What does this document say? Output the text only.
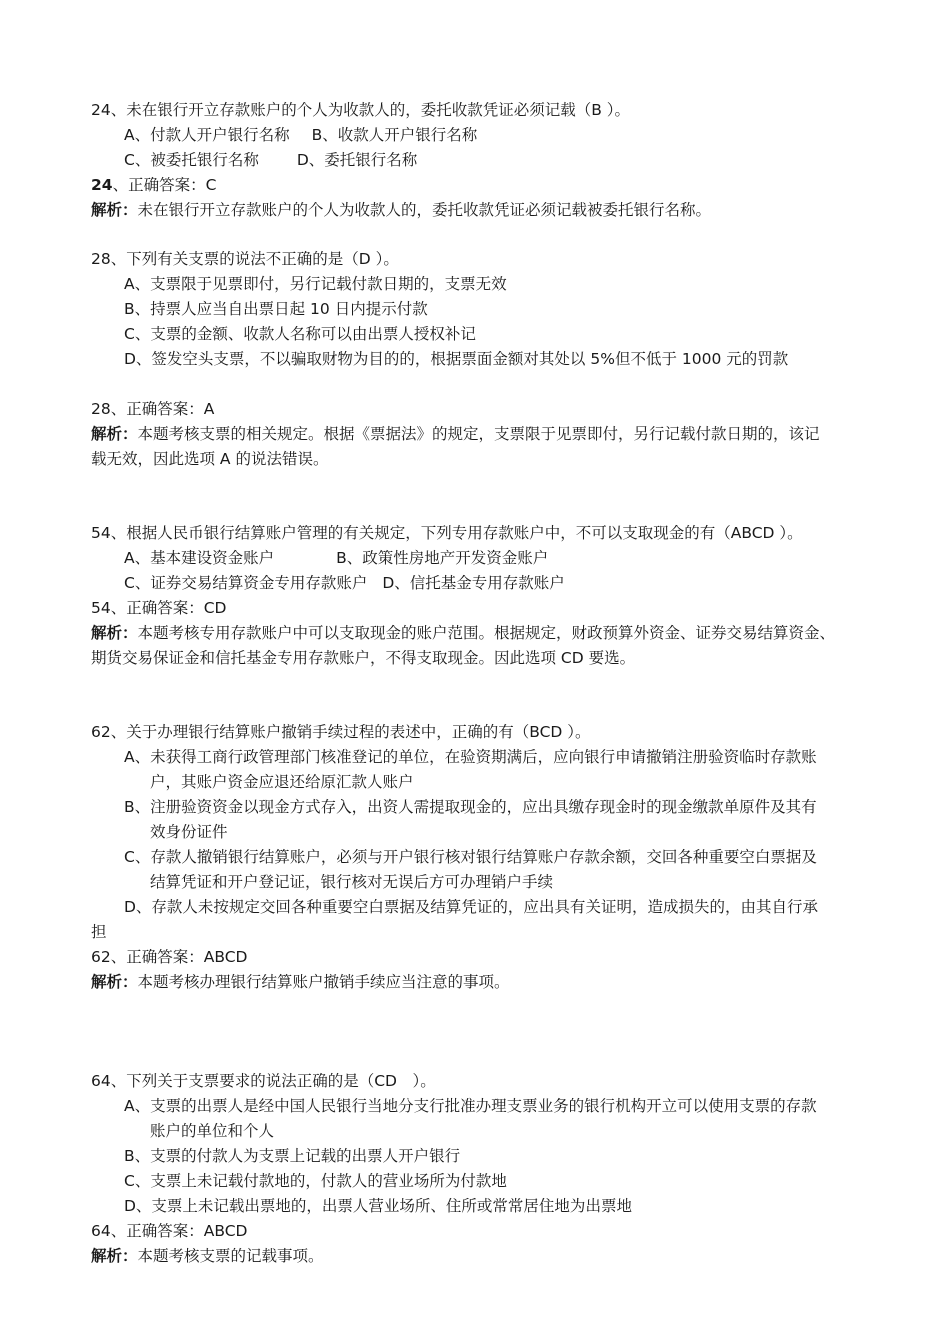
24、未在银行开立存款账户的个人为收款人的，委托收款凭证必须记载（B ）。
A、付款人开户银行名称 B、收款人开户银行名称
C、被委托银行名称 D、委托银行名称
24、正确答案：C
解析：未在银行开立存款账户的个人为收款人的，委托收款凭证必须记载被委托银行名称。
28、下列有关支票的说法不正确的是（D ）。
A、支票限于见票即付，另行记载付款日期的，支票无效
B、持票人应当自出票日起 10 日内提示付款
C、支票的金额、收款人名称可以由出票人授权补记
D、签发空头支票，不以骗取财物为目的的，根据票面金额对其处以 5%但不低于 1000 元的罚款
28、正确答案：A
解析：本题考核支票的相关规定。根据《票据法》的规定，支票限于见票即付，另行记载付款日期的，该记
载无效，因此选项 A 的说法错误。
54、根据人民币银行结算账户管理的有关规定，下列专用存款账户中，不可以支取现金的有（ABCD ）。
A、基本建设资金账户	B、政策性房地产开发资金账户
C、证券交易结算资金专用存款账户 D、信托基金专用存款账户
54、正确答案：CD
解析：本题考核专用存款账户中可以支取现金的账户范围。根据规定，财政预算外资金、证券交易结算资金、
期货交易保证金和信托基金专用存款账户，不得支取现金。因此选项 CD 要选。
62、关于办理银行结算账户撤销手续过程的表述中，正确的有（BCD ）。
A、未获得工商行政管理部门核准登记的单位，在验资期满后，应向银行申请撤销注册验资临时存款账
户，其账户资金应退还给原汇款人账户
B、注册验资资金以现金方式存入，出资人需提取现金的，应出具缴存现金时的现金缴款单原件及其有
效身份证件
C、存款人撤销银行结算账户，必须与开户银行核对银行结算账户存款余额，交回各种重要空白票据及
结算凭证和开户登记证，银行核对无误后方可办理销户手续
D、存款人未按规定交回各种重要空白票据及结算凭证的，应出具有关证明，造成损失的，由其自行承
担
62、正确答案：ABCD
解析：本题考核办理银行结算账户撤销手续应当注意的事项。
64、下列关于支票要求的说法正确的是（CD　）。
A、支票的出票人是经中国人民银行当地分支行批准办理支票业务的银行机构开立可以使用支票的存款
账户的单位和个人
B、支票的付款人为支票上记载的出票人开户银行
C、支票上未记载付款地的，付款人的营业场所为付款地
D、支票上未记载出票地的，出票人营业场所、住所或常常居住地为出票地
64、正确答案：ABCD
解析：本题考核支票的记载事项。
